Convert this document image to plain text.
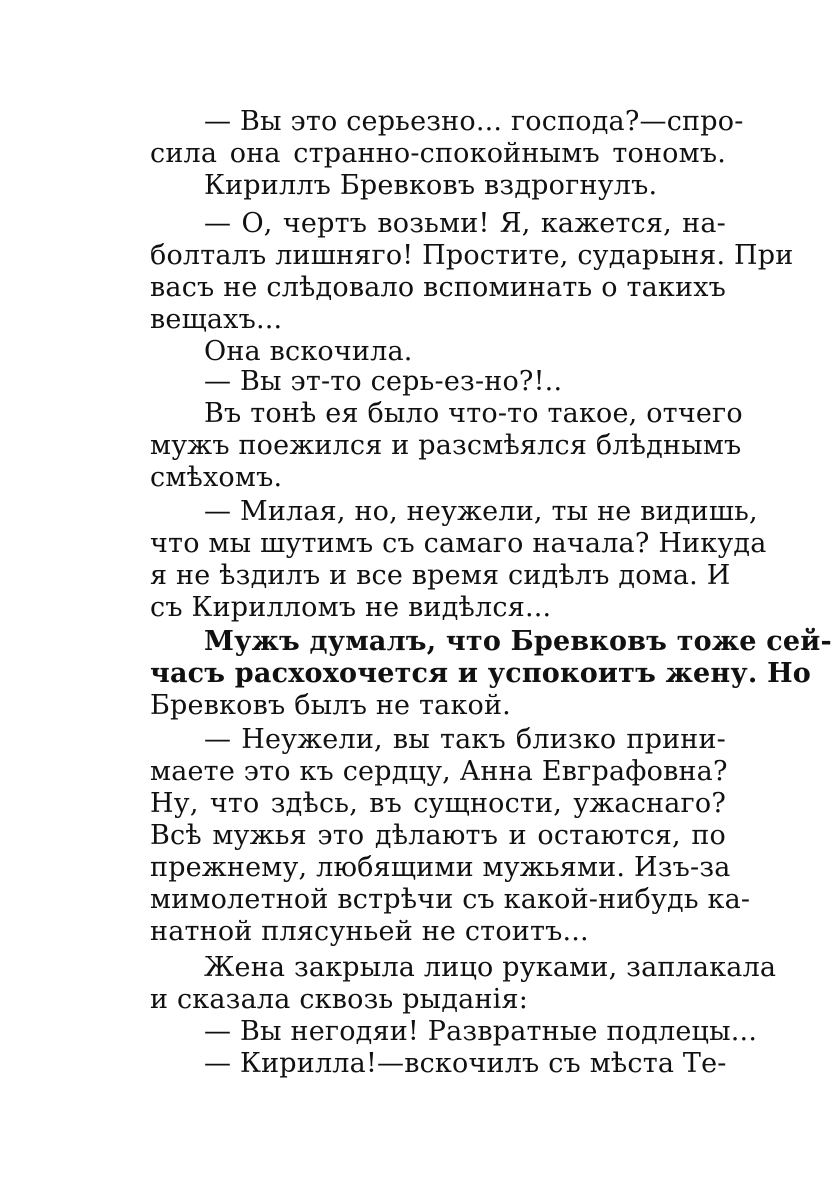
— Вы это серьезно... господа?—спро-
сила она странно-спокойнымъ тономъ.
Кириллъ Бревковъ вздрогнулъ.
— О, чертъ возьми! Я, кажется, на-
болталъ лишняго! Простите, сударыня. При
васъ не слѣдовало вспоминать о такихъ
вещахъ...
Она вскочила.
— Вы эт-то серь-ез-но?!..
Въ тонѣ ея было что-то такое, отчего
мужъ поежился и разсмѣялся блѣднымъ
смѣхомъ.
— Милая, но, неужели, ты не видишь,
что мы шутимъ съ самаго начала? Никуда
я не ѣздилъ и все время сидѣлъ дома. И
съ Кирилломъ не видѣлся...
Мужъ думалъ, что Бревковъ тоже сей-
часъ расхохочется и успокоитъ жену. Но
Бревковъ былъ не такой.
— Неужели, вы такъ близко прини-
маете это къ сердцу, Анна Евграфовна?
Ну, что здѣсь, въ сущности, ужаснаго?
Всѣ мужья это дѣлаютъ и остаются, по
прежнему, любящими мужьями. Изъ-за
мимолетной встрѣчи съ какой-нибудь ка-
натной плясуньей не стоитъ...
Жена закрыла лицо руками, заплакала
и сказала сквозь рыданія:
— Вы негодяи! Развратные подлецы...
— Кирилла!—вскочилъ съ мѣста Те-
